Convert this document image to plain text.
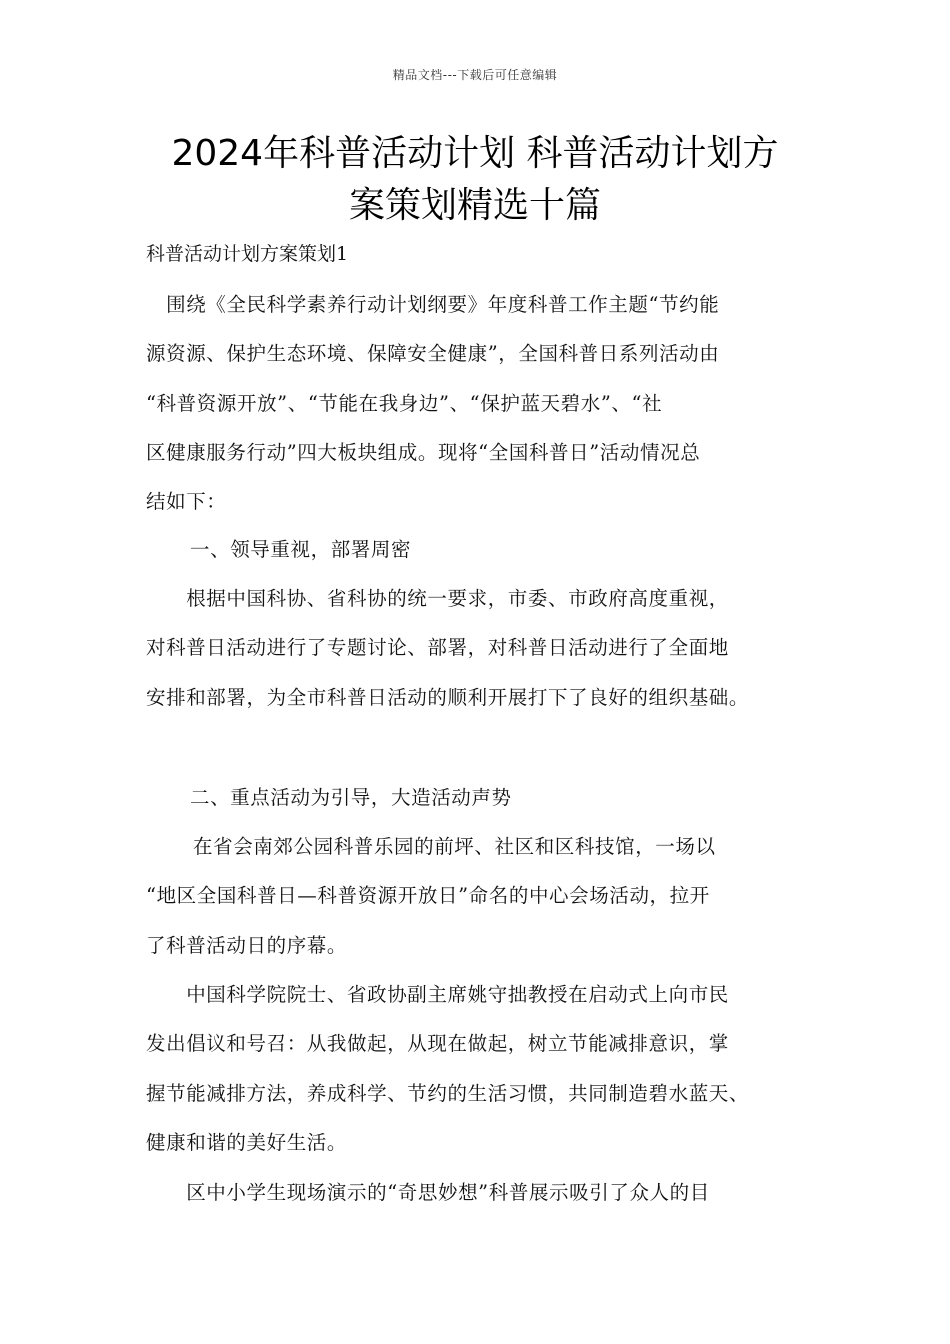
精品文档---下载后可任意编辑
2024年科普活动计划 科普活动计划方
案策划精选十篇
科普活动计划方案策划1

　围绕《全民科学素养行动计划纲要》年度科普工作主题“节约能
源资源、保护生态环境、保障安全健康”，全国科普日系列活动由
“科普资源开放”、“节能在我身边”、“保护蓝天碧水”、“社
区健康服务行动”四大板块组成。现将“全国科普日”活动情况总
结如下：

一、领导重视，部署周密

　　根据中国科协、省科协的统一要求，市委、市政府高度重视，
对科普日活动进行了专题讨论、部署，对科普日活动进行了全面地
安排和部署，为全市科普日活动的顺利开展打下了良好的组织基础。

二、重点活动为引导，大造活动声势

　　 在省会南郊公园科普乐园的前坪、社区和区科技馆，一场以
“地区全国科普日—科普资源开放日”命名的中心会场活动，拉开
了科普活动日的序幕。

　　中国科学院院士、省政协副主席姚守拙教授在启动式上向市民
发出倡议和号召：从我做起，从现在做起，树立节能减排意识，掌
握节能减排方法，养成科学、节约的生活习惯，共同制造碧水蓝天、
健康和谐的美好生活。

　　区中小学生现场演示的“奇思妙想”科普展示吸引了众人的目
